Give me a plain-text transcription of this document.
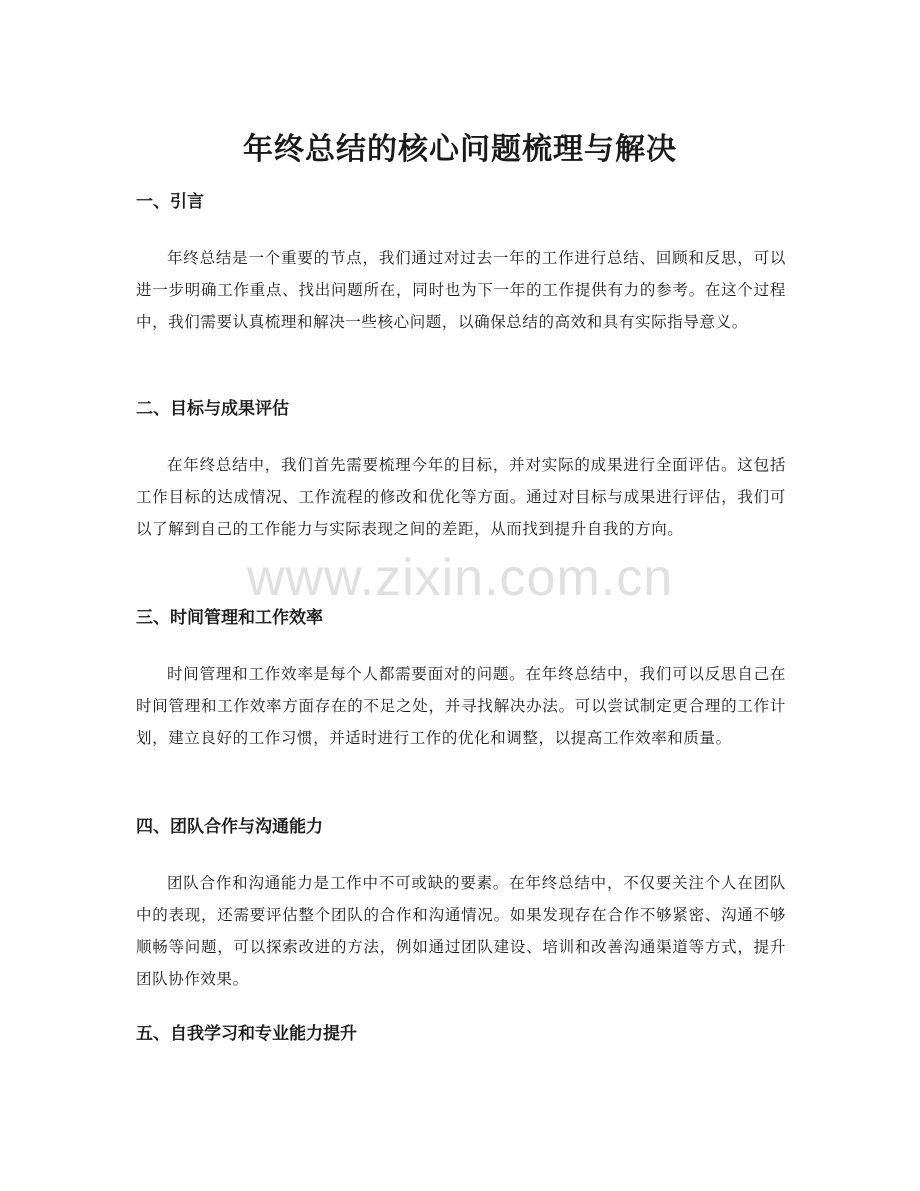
年终总结的核心问题梳理与解决
一、引言

年终总结是一个重要的节点，我们通过对过去一年的工作进行总结、回顾和反思，可以进一步明确工作重点、找出问题所在，同时也为下一年的工作提供有力的参考。在这个过程中，我们需要认真梳理和解决一些核心问题，以确保总结的高效和具有实际指导意义。

二、目标与成果评估

在年终总结中，我们首先需要梳理今年的目标，并对实际的成果进行全面评估。这包括工作目标的达成情况、工作流程的修改和优化等方面。通过对目标与成果进行评估，我们可以了解到自己的工作能力与实际表现之间的差距，从而找到提升自我的方向。

三、时间管理和工作效率

时间管理和工作效率是每个人都需要面对的问题。在年终总结中，我们可以反思自己在时间管理和工作效率方面存在的不足之处，并寻找解决办法。可以尝试制定更合理的工作计划，建立良好的工作习惯，并适时进行工作的优化和调整，以提高工作效率和质量。

四、团队合作与沟通能力

团队合作和沟通能力是工作中不可或缺的要素。在年终总结中，不仅要关注个人在团队中的表现，还需要评估整个团队的合作和沟通情况。如果发现存在合作不够紧密、沟通不够顺畅等问题，可以探索改进的方法，例如通过团队建设、培训和改善沟通渠道等方式，提升团队协作效果。

五、自我学习和专业能力提升
www.zixin.com.cn
